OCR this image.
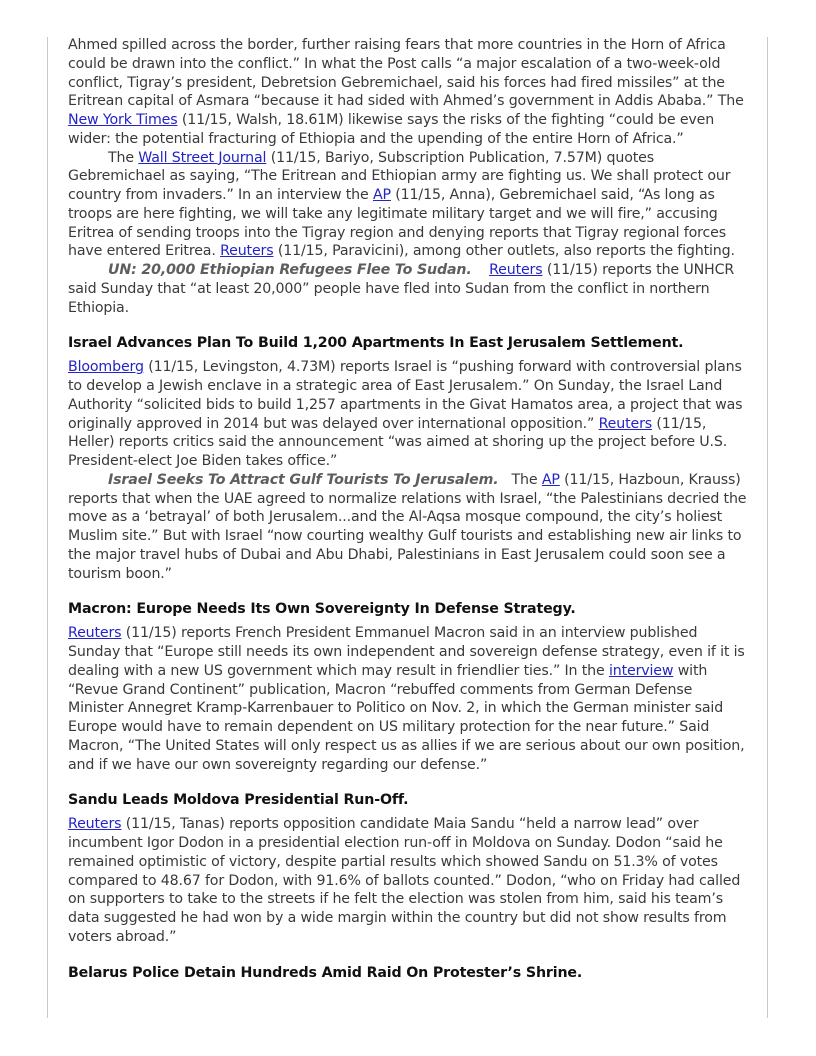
Ahmed spilled across the border, further raising fears that more countries in the Horn of Africa could be drawn into the conflict.” In what the Post calls “a major escalation of a two-week-old conflict, Tigray’s president, Debretsion Gebremichael, said his forces had fired missiles” at the Eritrean capital of Asmara “because it had sided with Ahmed’s government in Addis Ababa.” The New York Times (11/15, Walsh, 18.61M) likewise says the risks of the fighting “could be even wider: the potential fracturing of Ethiopia and the upending of the entire Horn of Africa.”

The Wall Street Journal (11/15, Bariyo, Subscription Publication, 7.57M) quotes Gebremichael as saying, “The Eritrean and Ethiopian army are fighting us. We shall protect our country from invaders.” In an interview the AP (11/15, Anna), Gebremichael said, “As long as troops are here fighting, we will take any legitimate military target and we will fire,” accusing Eritrea of sending troops into the Tigray region and denying reports that Tigray regional forces have entered Eritrea. Reuters (11/15, Paravicini), among other outlets, also reports the fighting.

UN: 20,000 Ethiopian Refugees Flee To Sudan. Reuters (11/15) reports the UNHCR said Sunday that “at least 20,000” people have fled into Sudan from the conflict in northern Ethiopia.

Israel Advances Plan To Build 1,200 Apartments In East Jerusalem Settlement.

Bloomberg (11/15, Levingston, 4.73M) reports Israel is “pushing forward with controversial plans to develop a Jewish enclave in a strategic area of East Jerusalem.” On Sunday, the Israel Land Authority “solicited bids to build 1,257 apartments in the Givat Hamatos area, a project that was originally approved in 2014 but was delayed over international opposition.” Reuters (11/15, Heller) reports critics said the announcement “was aimed at shoring up the project before U.S. President-elect Joe Biden takes office.”

Israel Seeks To Attract Gulf Tourists To Jerusalem.   The AP (11/15, Hazboun, Krauss) reports that when the UAE agreed to normalize relations with Israel, “the Palestinians decried the move as a ‘betrayal’ of both Jerusalem...and the Al-Aqsa mosque compound, the city’s holiest Muslim site.” But with Israel “now courting wealthy Gulf tourists and establishing new air links to the major travel hubs of Dubai and Abu Dhabi, Palestinians in East Jerusalem could soon see a tourism boon.”

Macron: Europe Needs Its Own Sovereignty In Defense Strategy.

Reuters (11/15) reports French President Emmanuel Macron said in an interview published Sunday that “Europe still needs its own independent and sovereign defense strategy, even if it is dealing with a new US government which may result in friendlier ties.” In the interview with “Revue Grand Continent” publication, Macron “rebuffed comments from German Defense Minister Annegret Kramp-Karrenbauer to Politico on Nov. 2, in which the German minister said Europe would have to remain dependent on US military protection for the near future.” Said Macron, “The United States will only respect us as allies if we are serious about our own position, and if we have our own sovereignty regarding our defense.”

Sandu Leads Moldova Presidential Run-Off.

Reuters (11/15, Tanas) reports opposition candidate Maia Sandu “held a narrow lead” over incumbent Igor Dodon in a presidential election run-off in Moldova on Sunday. Dodon “said he remained optimistic of victory, despite partial results which showed Sandu on 51.3% of votes compared to 48.67 for Dodon, with 91.6% of ballots counted.” Dodon, “who on Friday had called on supporters to take to the streets if he felt the election was stolen from him, said his team’s data suggested he had won by a wide margin within the country but did not show results from voters abroad.”

Belarus Police Detain Hundreds Amid Raid On Protester’s Shrine.
